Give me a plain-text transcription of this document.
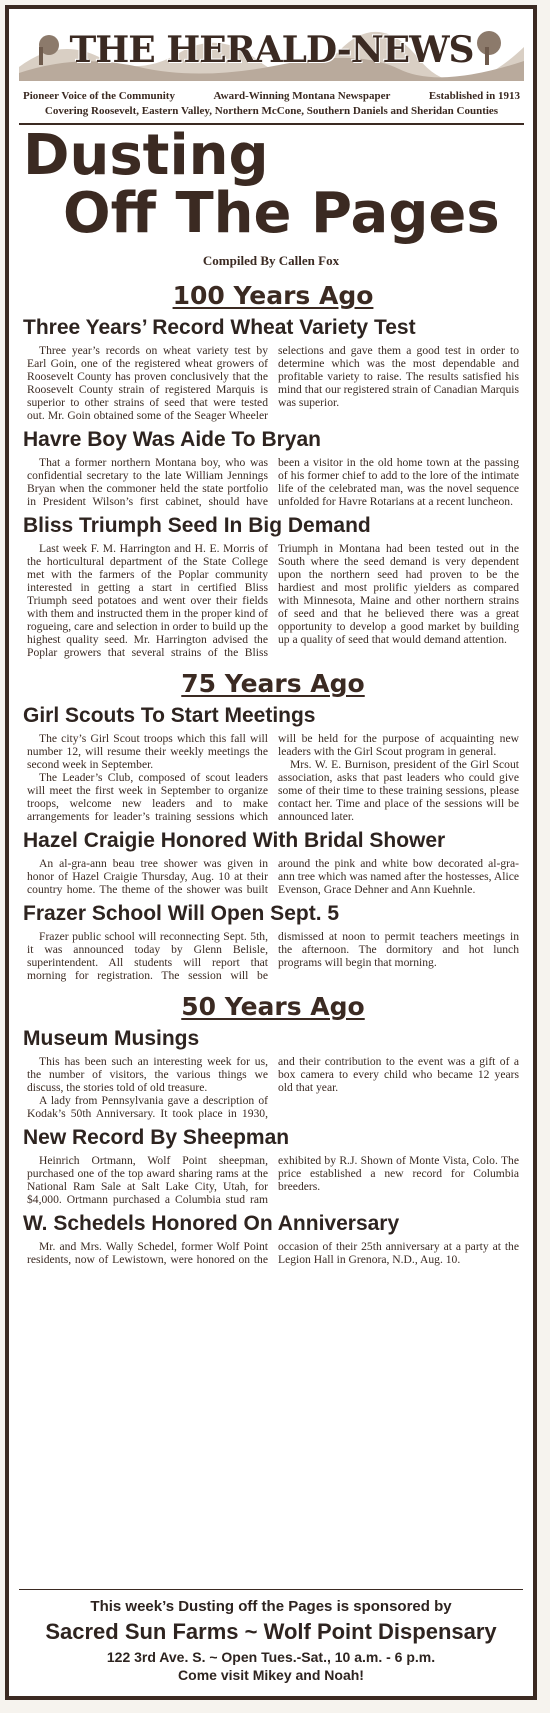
THE HERALD-NEWS
Pioneer Voice of the Community	Award-Winning Montana Newspaper	Established in 1913
Covering Roosevelt, Eastern Valley, Northern McCone, Southern Daniels and Sheridan Counties
Dusting
Off The Pages
Compiled By Callen Fox
100 Years Ago
Three Years’ Record Wheat Variety Test

Three year’s records on wheat variety test by Earl Goin, one of the registered wheat growers of Roosevelt County has proven conclusively that the Roosevelt County strain of registered Marquis is superior to other strains of seed that were tested out. Mr. Goin obtained some of the Seager Wheeler selections and gave them a good test in order to determine which was the most dependable and profitable variety to raise. The results satisfied his mind that our registered strain of Canadian Marquis was superior.

Havre Boy Was Aide To Bryan

That a former northern Montana boy, who was confidential secretary to the late William Jennings Bryan when the commoner held the state portfolio in President Wilson’s first cabinet, should have been a visitor in the old home town at the passing of his former chief to add to the lore of the intimate life of the celebrated man, was the novel sequence unfolded for Havre Rotarians at a recent luncheon.

Bliss Triumph Seed In Big Demand

Last week F. M. Harrington and H. E. Morris of the horticultural department of the State College met with the farmers of the Poplar community interested in getting a start in certified Bliss Triumph seed potatoes and went over their fields with them and instructed them in the proper kind of rogueing, care and selection in order to build up the highest quality seed. Mr. Harrington advised the Poplar growers that several strains of the Bliss Triumph in Montana had been tested out in the South where the seed demand is very dependent upon the northern seed had proven to be the hardiest and most prolific yielders as compared with Minnesota, Maine and other northern strains of seed and that he believed there was a great opportunity to develop a good market by building up a quality of seed that would demand attention.

75 Years Ago
Girl Scouts To Start Meetings

The city’s Girl Scout troops which this fall will number 12, will resume their weekly meetings the second week in September.

The Leader’s Club, composed of scout leaders will meet the first week in September to organize troops, welcome new leaders and to make arrangements for leader’s training sessions which will be held for the purpose of acquainting new leaders with the Girl Scout program in general.

Mrs. W. E. Burnison, president of the Girl Scout association, asks that past leaders who could give some of their time to these training sessions, please contact her. Time and place of the sessions will be announced later.

Hazel Craigie Honored With Bridal Shower

An al-gra-ann beau tree shower was given in honor of Hazel Craigie Thursday, Aug. 10 at their country home. The theme of the shower was built around the pink and white bow decorated al-gra-ann tree which was named after the hostesses, Alice Evenson, Grace Dehner and Ann Kuehnle.

Frazer School Will Open Sept. 5

Frazer public school will reconnecting Sept. 5th, it was announced today by Glenn Belisle, superintendent. All students will report that morning for registration. The session will be dismissed at noon to permit teachers meetings in the afternoon. The dormitory and hot lunch programs will begin that morning.

50 Years Ago
Museum Musings

This has been such an interesting week for us, the number of visitors, the various things we discuss, the stories told of old treasure.

A lady from Pennsylvania gave a description of Kodak’s 50th Anniversary. It took place in 1930, and their contribution to the event was a gift of a box camera to every child who became 12 years old that year.

New Record By Sheepman

Heinrich Ortmann, Wolf Point sheepman, purchased one of the top award sharing rams at the National Ram Sale at Salt Lake City, Utah, for $4,000. Ortmann purchased a Columbia stud ram exhibited by R.J. Shown of Monte Vista, Colo. The price established a new record for Columbia breeders.

W. Schedels Honored On Anniversary

Mr. and Mrs. Wally Schedel, former Wolf Point residents, now of Lewistown, were honored on the occasion of their 25th anniversary at a party at the Legion Hall in Grenora, N.D., Aug. 10.

This week’s Dusting off the Pages is sponsored by
Sacred Sun Farms ~ Wolf Point Dispensary
122 3rd Ave. S. ~ Open Tues.-Sat., 10 a.m. - 6 p.m.
Come visit Mikey and Noah!
